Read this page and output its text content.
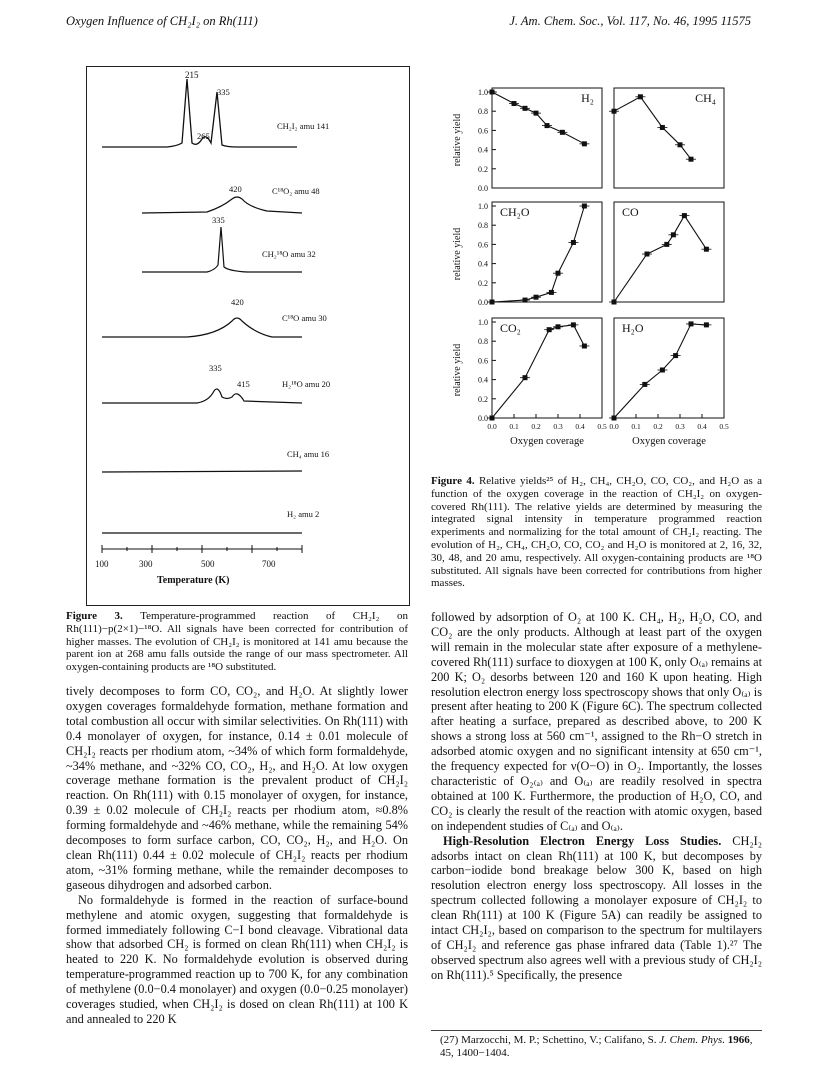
Oxygen Influence of CH₂I₂ on Rh(111)	J. Am. Chem. Soc., Vol. 117, No. 46, 1995 11575
215
265
335
CH₂I₂ amu 141
420	C¹⁸O₂ amu 48
335
CH₂¹⁸O amu 32
420
C¹⁸O amu 30
335
415	H₂¹⁸O amu 20
CH₄ amu 16
H₂ amu 2
100	300	500	700
Temperature (K)

Figure 3. Temperature-programmed reaction of CH₂I₂ on Rh(111)−p(2×1)−¹⁸O. All signals have been corrected for contribution of higher masses. The evolution of CH₂I₂ is monitored at 141 amu because the parent ion at 268 amu falls outside the range of our mass spectrometer. All oxygen-containing products are ¹⁸O substituted.

tively decomposes to form CO, CO₂, and H₂O. At slightly lower oxygen coverages formaldehyde formation, methane formation and total combustion all occur with similar selectivities. On Rh(111) with 0.4 monolayer of oxygen, for instance, 0.14 ± 0.01 molecule of CH₂I₂ reacts per rhodium atom, ~34% of which form formaldehyde, ~34% methane, and ~32% CO, CO₂, H₂, and H₂O. At low oxygen coverage methane formation is the prevalent product of CH₂I₂ reaction. On Rh(111) with 0.15 monolayer of oxygen, for instance, 0.39 ± 0.02 molecule of CH₂I₂ reacts per rhodium atom, ≈0.8% forming formaldehyde and ~46% methane, while the remaining 54% decomposes to form surface carbon, CO, CO₂, H₂, and H₂O. On clean Rh(111) 0.44 ± 0.02 molecule of CH₂I₂ reacts per rhodium atom, ~31% forming methane, while the remainder decomposes to gaseous dihydrogen and adsorbed carbon.

No formaldehyde is formed in the reaction of surface-bound methylene and atomic oxygen, suggesting that formaldehyde is formed immediately following C−I bond cleavage. Vibrational data show that adsorbed CH₂ is formed on clean Rh(111) when CH₂I₂ is heated to 220 K. No formaldehyde evolution is observed during temperature-programmed reaction up to 700 K, for any combination of methylene (0.0−0.4 monolayer) and oxygen (0.0−0.25 monolayer) coverages studied, when CH₂I₂ is dosed on clean Rh(111) at 100 K and annealed to 220 K

H₂
0.0
0.2
0.4
0.6
0.8
1.0
relative yield
CH₄
CH₂O
0.0
0.2
0.4
0.6
0.8
1.0
relative yield
CO
CO₂
0.0
0.2
0.4
0.6
0.8
1.0
relative yield
0.0 0.1 0.2 0.3 0.4 0.5
Oxygen coverage
H₂O
0.0 0.1 0.2 0.3 0.4 0.5
Oxygen coverage

Figure 4. Relative yields²⁵ of H₂, CH₄, CH₂O, CO, CO₂, and H₂O as a function of the oxygen coverage in the reaction of CH₂I₂ on oxygen-covered Rh(111). The relative yields are determined by measuring the integrated signal intensity in temperature programmed reaction experiments and normalizing for the total amount of CH₂I₂ reacting. The evolution of H₂, CH₄, CH₂O, CO, CO₂ and H₂O is monitored at 2, 16, 32, 30, 48, and 20 amu, respectively. All oxygen-containing products are ¹⁸O substituted. All signals have been corrected for contributions from higher masses.

followed by adsorption of O₂ at 100 K. CH₄, H₂, H₂O, CO, and CO₂ are the only products. Although at least part of the oxygen will remain in the molecular state after exposure of a methylene-covered Rh(111) surface to dioxygen at 100 K, only O₍ₐ₎ remains at 200 K; O₂ desorbs between 120 and 160 K upon heating. High resolution electron energy loss spectroscopy shows that only O₍ₐ₎ is present after heating to 200 K (Figure 6C). The spectrum collected after heating a surface, prepared as described above, to 200 K shows a strong loss at 560 cm⁻¹, assigned to the Rh−O stretch in adsorbed atomic oxygen and no significant intensity at 650 cm⁻¹, the frequency expected for ν(O−O) in O₂. Importantly, the losses characteristic of O₂₍ₐ₎ and O₍ₐ₎ are readily resolved in spectra obtained at 100 K. Furthermore, the production of H₂O, CO, and CO₂ is clearly the result of the reaction with atomic oxygen, based on independent studies of C₍ₐ₎ and O₍ₐ₎.

High-Resolution Electron Energy Loss Studies. CH₂I₂ adsorbs intact on clean Rh(111) at 100 K, but decomposes by carbon−iodide bond breakage below 300 K, based on high resolution electron energy loss spectroscopy. All losses in the spectrum collected following a monolayer exposure of CH₂I₂ to clean Rh(111) at 100 K (Figure 5A) can readily be assigned to intact CH₂I₂, based on comparison to the spectrum for multilayers of CH₂I₂ and reference gas phase infrared data (Table 1).²⁷ The observed spectrum also agrees well with a previous study of CH₂I₂ on Rh(111).⁵ Specifically, the presence

(27) Marzocchi, M. P.; Schettino, V.; Califano, S. J. Chem. Phys. 1966, 45, 1400−1404.
